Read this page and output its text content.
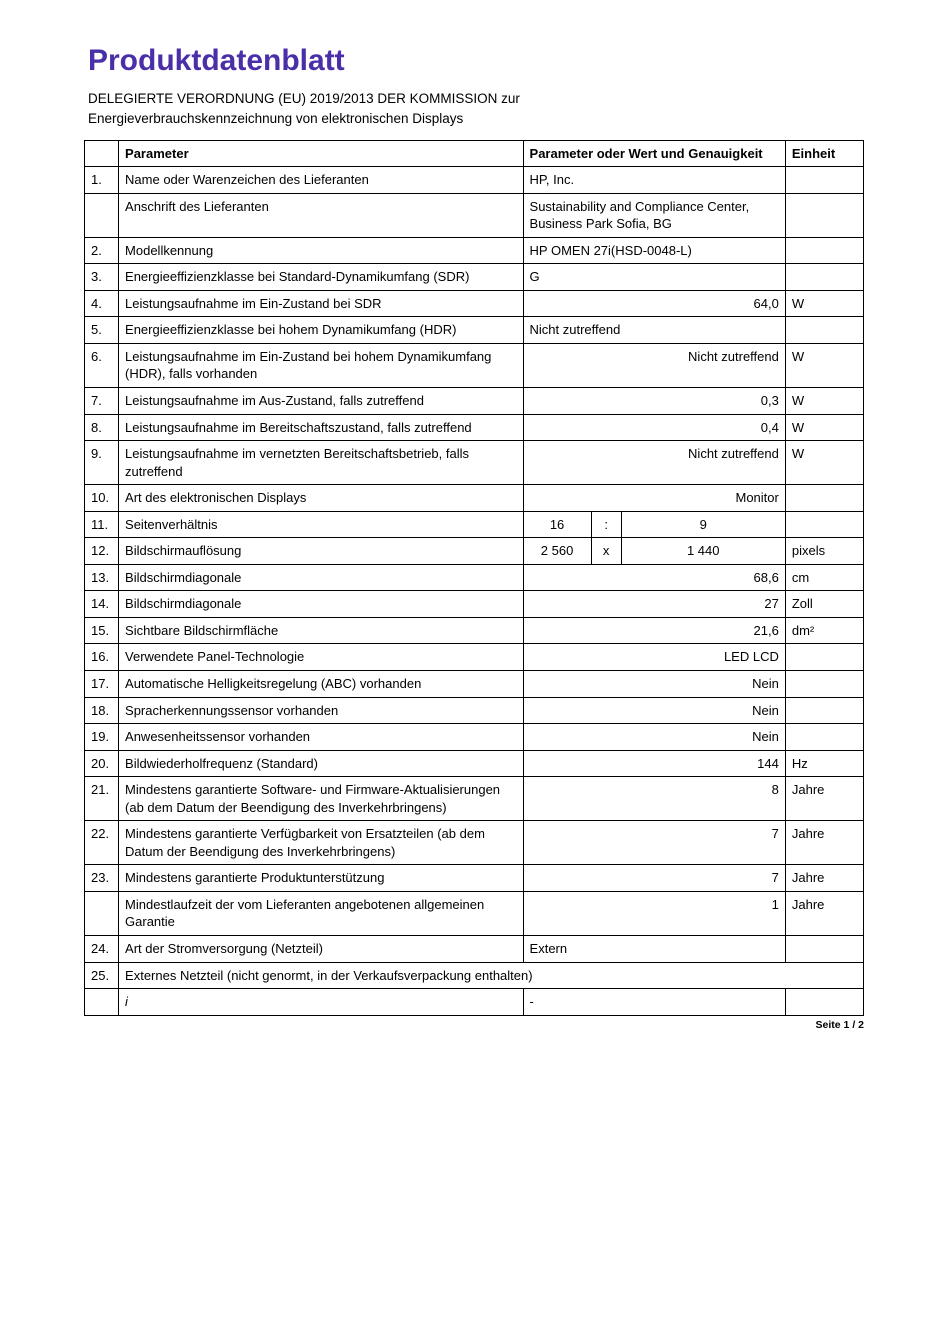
Produktdatenblatt
DELEGIERTE VERORDNUNG (EU) 2019/2013 DER KOMMISSION zur
Energieverbrauchskennzeichnung von elektronischen Displays
	Parameter	Parameter oder Wert und Genauigkeit			Einheit
1.	Name oder Warenzeichen des Lieferanten	HP, Inc.			
	Anschrift des Lieferanten	Sustainability and Compliance Center, Business Park Sofia, BG			
2.	Modellkennung	HP OMEN 27i(HSD-0048-L)			
3.	Energieeffizienzklasse bei Standard-Dynamikumfang (SDR)	G			
4.	Leistungsaufnahme im Ein-Zustand bei SDR	64,0			W
5.	Energieeffizienzklasse bei hohem Dynamikumfang (HDR)	Nicht zutreffend			
6.	Leistungsaufnahme im Ein-Zustand bei hohem Dynamikumfang (HDR), falls vorhanden	Nicht zutreffend			W
7.	Leistungsaufnahme im Aus-Zustand, falls zutreffend	0,3			W
8.	Leistungsaufnahme im Bereitschaftszustand, falls zutreffend	0,4			W
9.	Leistungsaufnahme im vernetzten Bereitschaftsbetrieb, falls zutreffend	Nicht zutreffend			W
10.	Art des elektronischen Displays	Monitor			
11.	Seitenverhältnis	16	:	9	
12.	Bildschirmauflösung	2 560	x	1 440	pixels
13.	Bildschirmdiagonale	68,6			cm
14.	Bildschirmdiagonale	27			Zoll
15.	Sichtbare Bildschirmfläche	21,6			dm²
16.	Verwendete Panel-Technologie	LED LCD			
17.	Automatische Helligkeitsregelung (ABC) vorhanden	Nein			
18.	Spracherkennungssensor vorhanden	Nein			
19.	Anwesenheitssensor vorhanden	Nein			
20.	Bildwiederholfrequenz (Standard)	144			Hz
21.	Mindestens garantierte Software- und Firmware-Aktualisierungen (ab dem Datum der Beendigung des Inverkehrbringens)	8			Jahre
22.	Mindestens garantierte Verfügbarkeit von Ersatzteilen (ab dem Datum der Beendigung des Inverkehrbringens)	7			Jahre
23.	Mindestens garantierte Produktunterstützung	7			Jahre
	Mindestlaufzeit der vom Lieferanten angebotenen allgemeinen Garantie	1			Jahre
24.	Art der Stromversorgung (Netzteil)	Extern			
25.	Externes Netzteil (nicht genormt, in der Verkaufsverpackung enthalten)				
	i	-			
Seite 1 / 2
